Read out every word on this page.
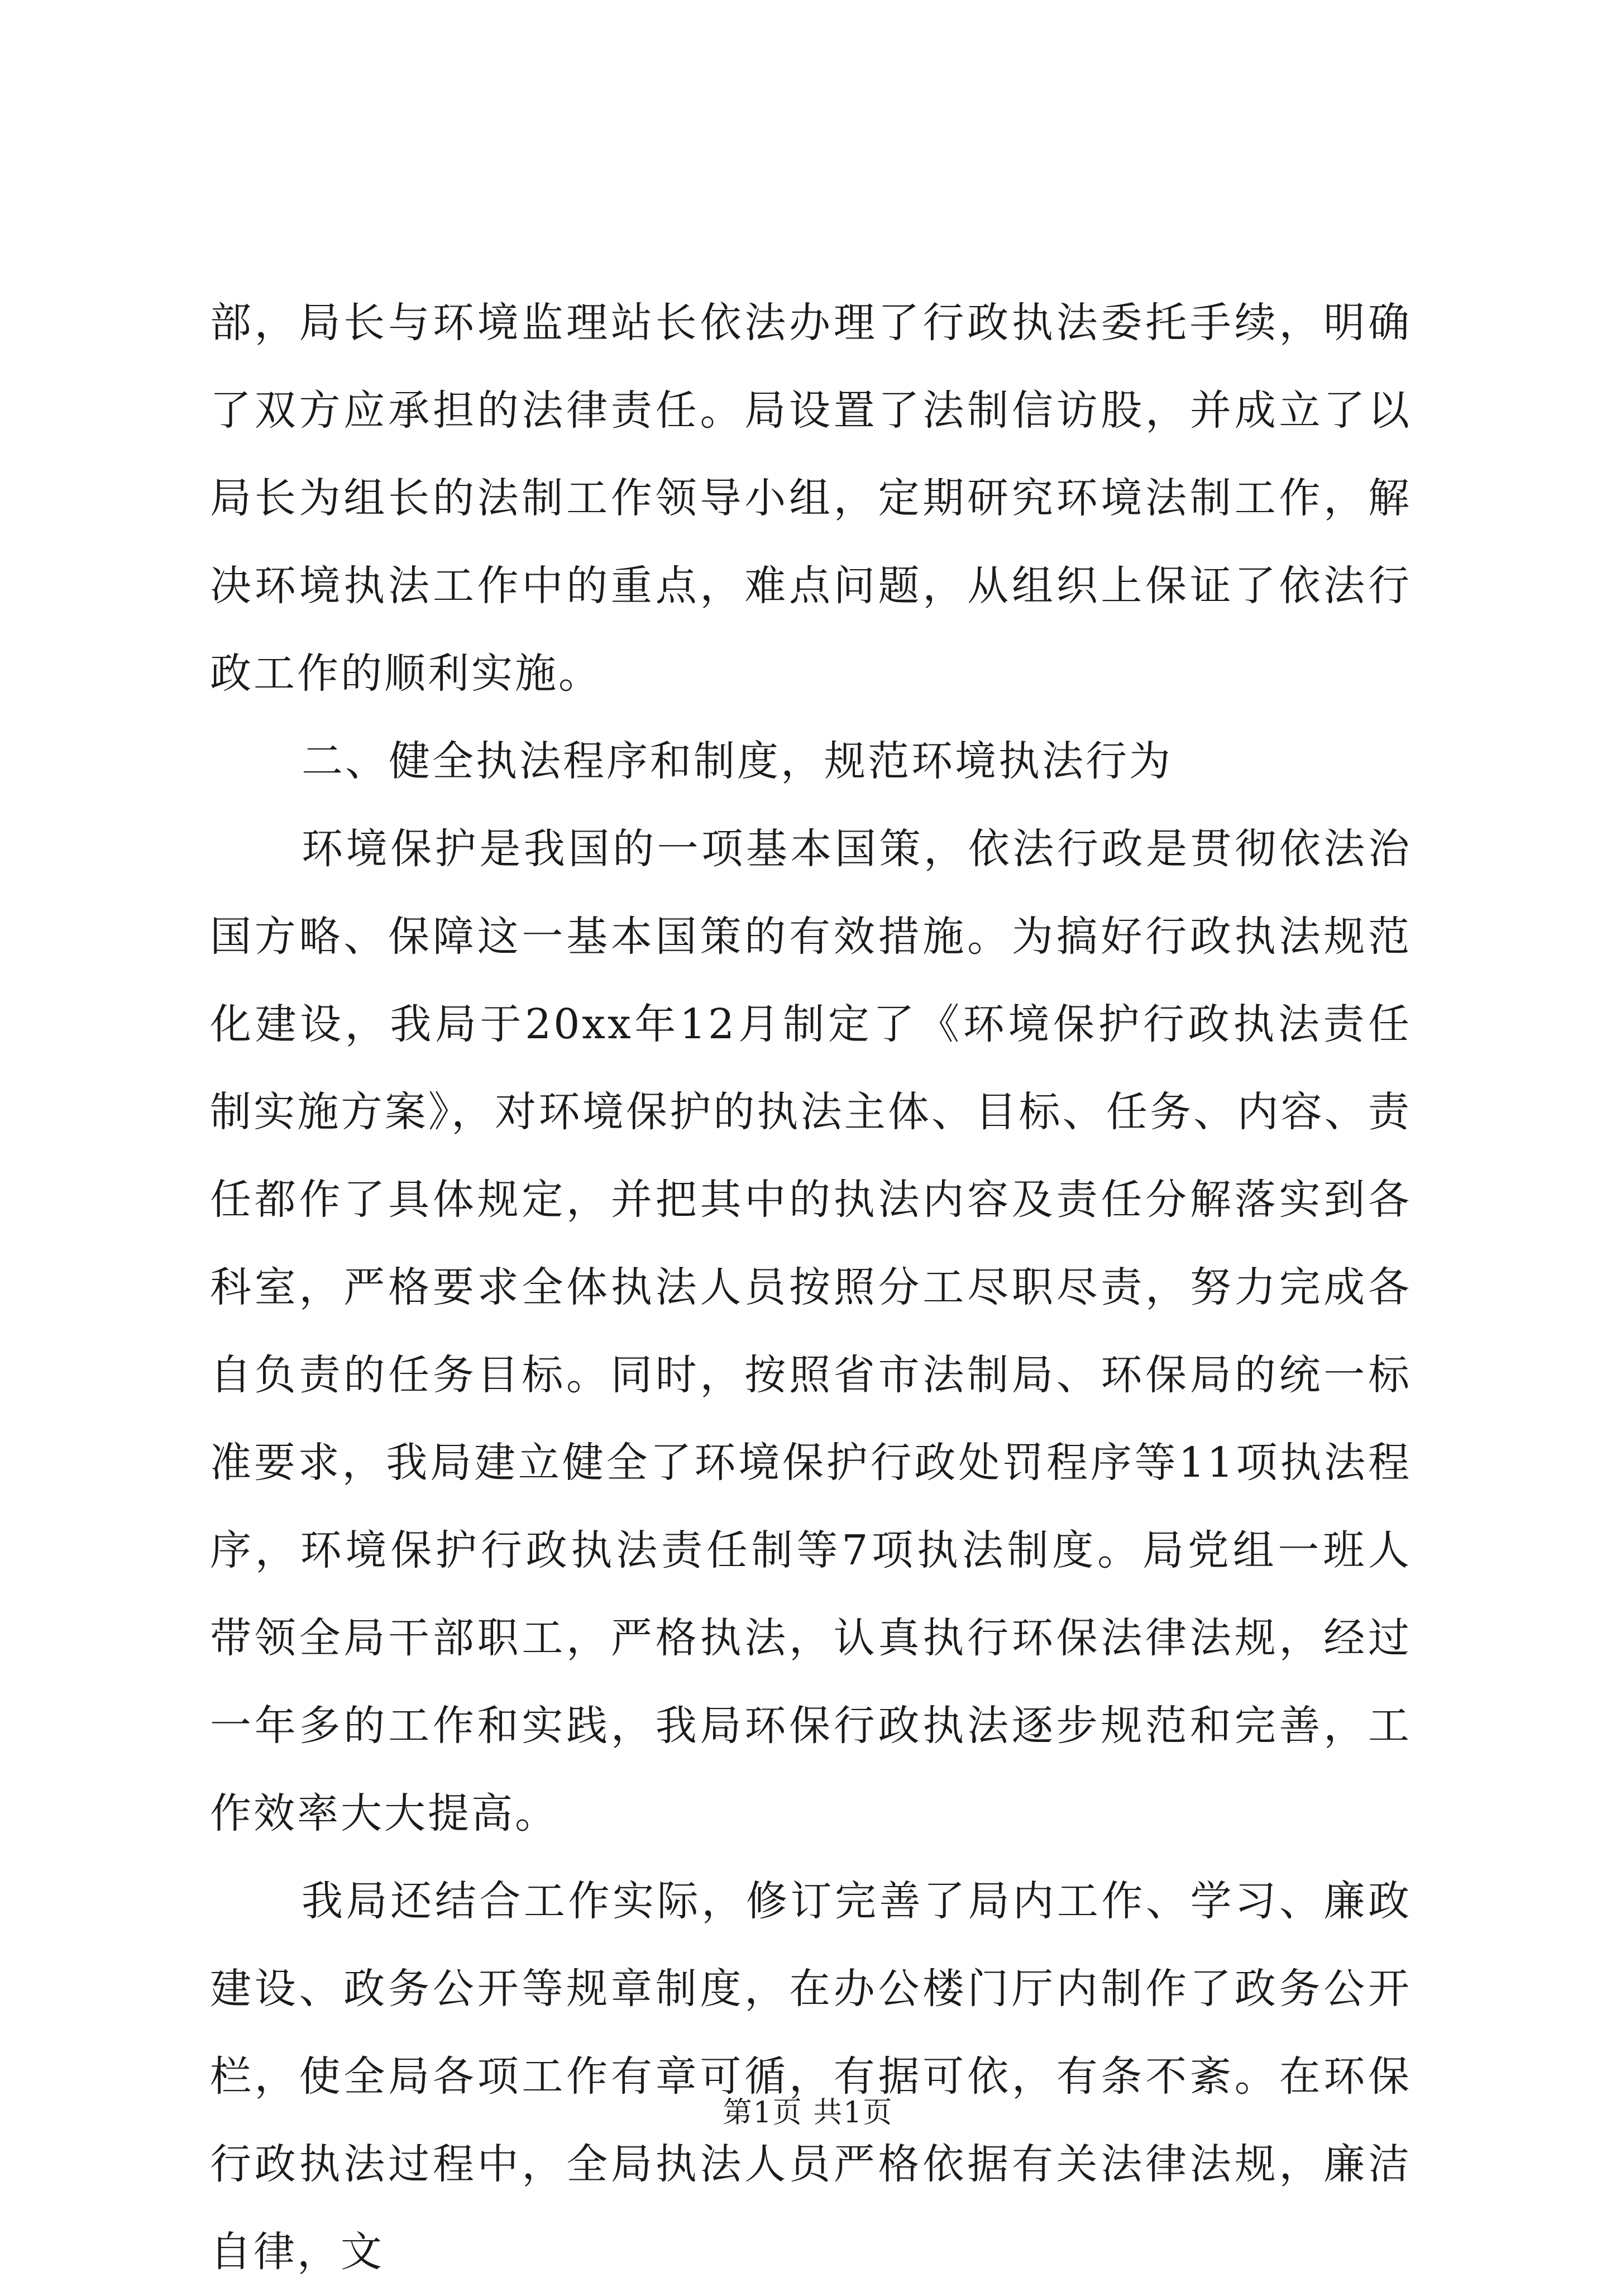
部，局长与环境监理站长依法办理了行政执法委托手续，明确了双方应承担的法律责任。局设置了法制信访股，并成立了以局长为组长的法制工作领导小组，定期研究环境法制工作，解决环境执法工作中的重点，难点问题，从组织上保证了依法行政工作的顺利实施。

二、健全执法程序和制度，规范环境执法行为

环境保护是我国的一项基本国策，依法行政是贯彻依法治国方略、保障这一基本国策的有效措施。为搞好行政执法规范化建设，我局于20xx年12月制定了《环境保护行政执法责任制实施方案》，对环境保护的执法主体、目标、任务、内容、责任都作了具体规定，并把其中的执法内容及责任分解落实到各科室，严格要求全体执法人员按照分工尽职尽责，努力完成各自负责的任务目标。同时，按照省市法制局、环保局的统一标准要求，我局建立健全了环境保护行政处罚程序等11项执法程序，环境保护行政执法责任制等7项执法制度。局党组一班人带领全局干部职工，严格执法，认真执行环保法律法规，经过一年多的工作和实践，我局环保行政执法逐步规范和完善，工作效率大大提高。

我局还结合工作实际，修订完善了局内工作、学习、廉政建设、政务公开等规章制度，在办公楼门厅内制作了政务公开栏，使全局各项工作有章可循，有据可依，有条不紊。在环保行政执法过程中，全局执法人员严格依据有关法律法规，廉洁自律，文

第1页 共1页
